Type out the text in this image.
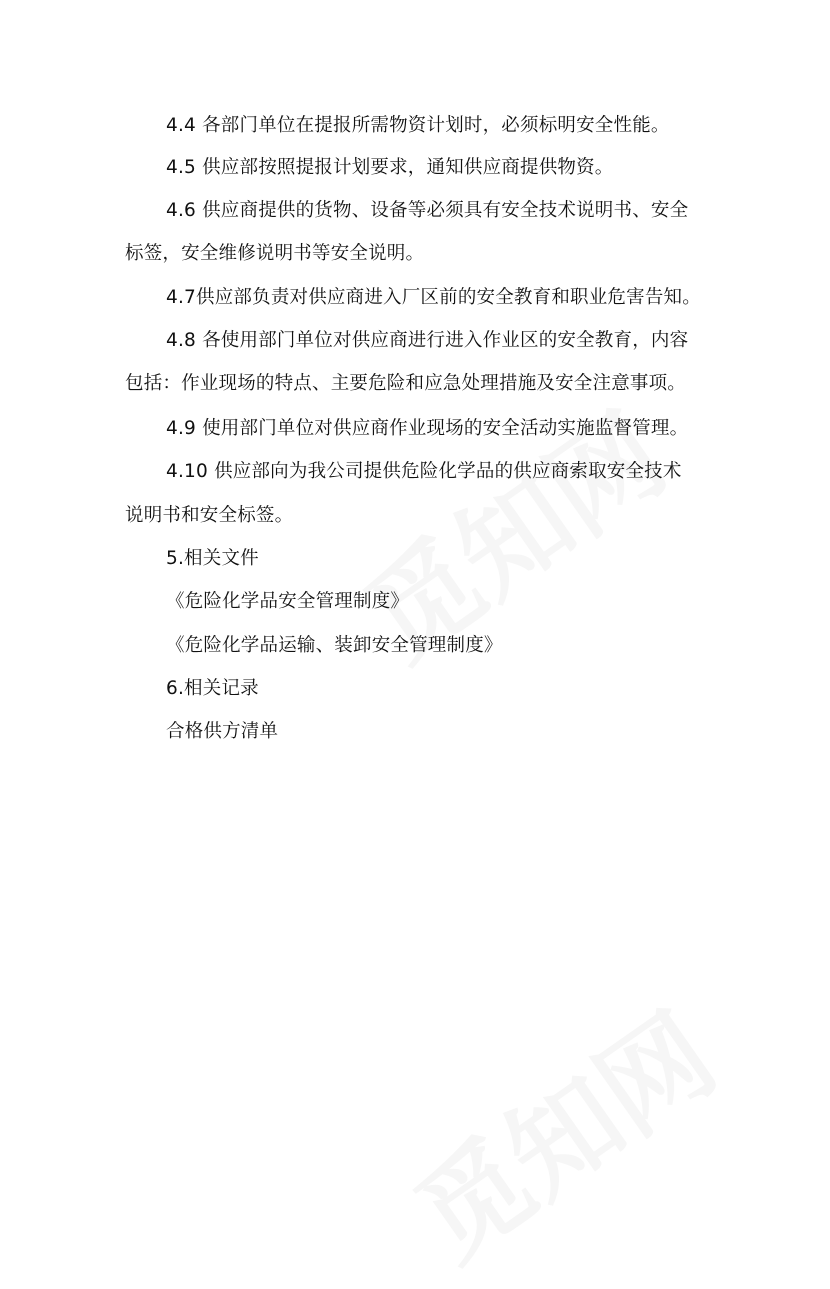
4.4 各部门单位在提报所需物资计划时，必须标明安全性能。
4.5 供应部按照提报计划要求，通知供应商提供物资。
4.6 供应商提供的货物、设备等必须具有安全技术说明书、安全
标签，安全维修说明书等安全说明。
4.7供应部负责对供应商进入厂区前的安全教育和职业危害告知。
4.8 各使用部门单位对供应商进行进入作业区的安全教育，内容
包括：作业现场的特点、主要危险和应急处理措施及安全注意事项。
4.9 使用部门单位对供应商作业现场的安全活动实施监督管理。
4.10 供应部向为我公司提供危险化学品的供应商索取安全技术
说明书和安全标签。
5.相关文件
《危险化学品安全管理制度》
《危险化学品运输、装卸安全管理制度》
6.相关记录
合格供方清单
